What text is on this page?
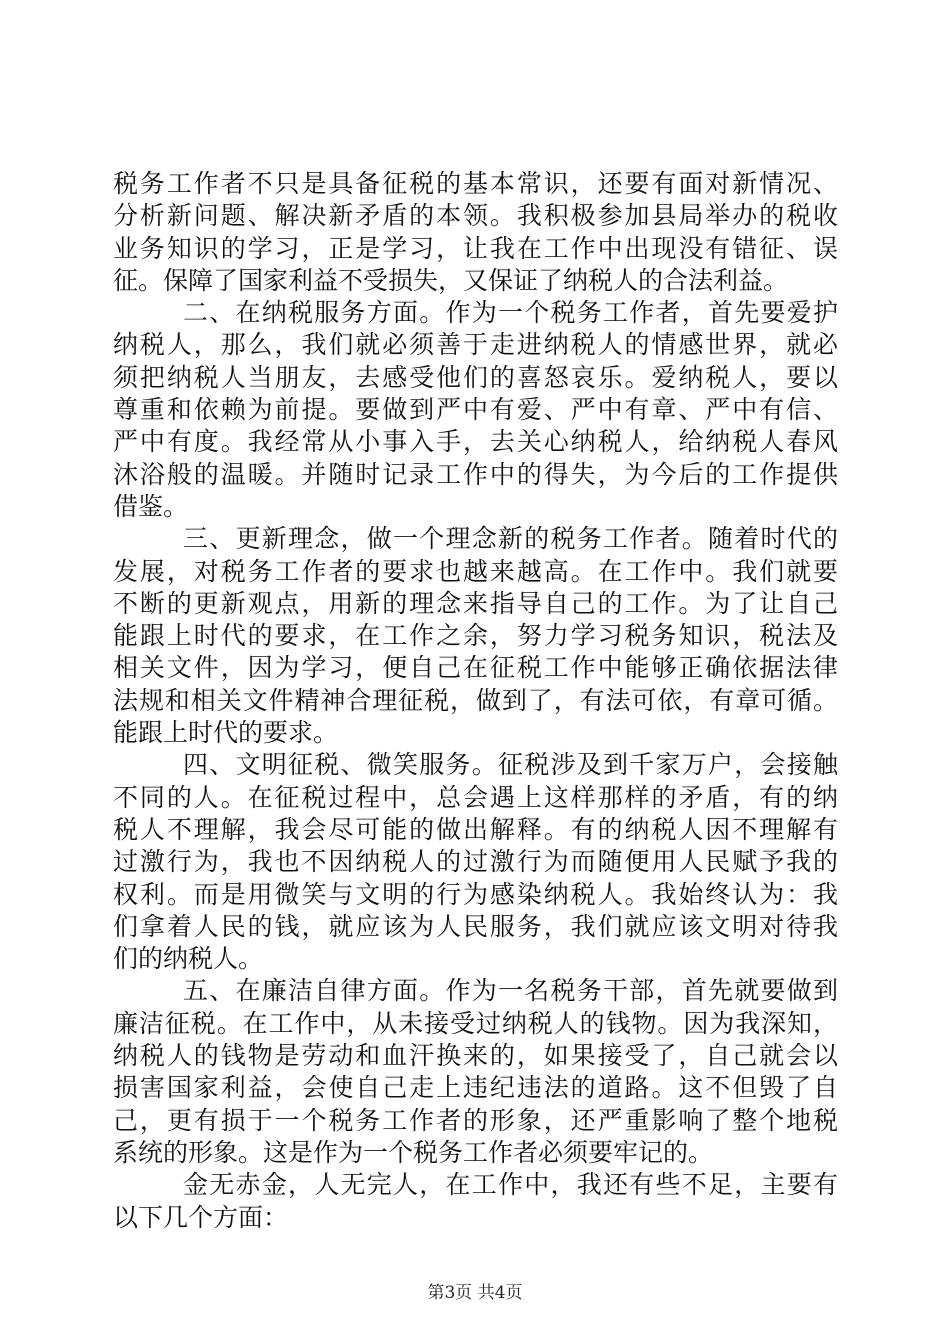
税务工作者不只是具备征税的基本常识，还要有面对新情况、
分析新问题、解决新矛盾的本领。我积极参加县局举办的税收
业务知识的学习，正是学习，让我在工作中出现没有错征、误
征。保障了国家利益不受损失，又保证了纳税人的合法利益。
二、在纳税服务方面。作为一个税务工作者，首先要爱护
纳税人，那么，我们就必须善于走进纳税人的情感世界，就必
须把纳税人当朋友，去感受他们的喜怒哀乐。爱纳税人，要以
尊重和依赖为前提。要做到严中有爱、严中有章、严中有信、
严中有度。我经常从小事入手，去关心纳税人，给纳税人春风
沐浴般的温暖。并随时记录工作中的得失，为今后的工作提供
借鉴。
三、更新理念，做一个理念新的税务工作者。随着时代的
发展，对税务工作者的要求也越来越高。在工作中。我们就要
不断的更新观点，用新的理念来指导自己的工作。为了让自己
能跟上时代的要求，在工作之余，努力学习税务知识，税法及
相关文件，因为学习，便自己在征税工作中能够正确依据法律
法规和相关文件精神合理征税，做到了，有法可依，有章可循。
能跟上时代的要求。
四、文明征税、微笑服务。征税涉及到千家万户，会接触
不同的人。在征税过程中，总会遇上这样那样的矛盾，有的纳
税人不理解，我会尽可能的做出解释。有的纳税人因不理解有
过激行为，我也不因纳税人的过激行为而随便用人民赋予我的
权利。而是用微笑与文明的行为感染纳税人。我始终认为：我
们拿着人民的钱，就应该为人民服务，我们就应该文明对待我
们的纳税人。
五、在廉洁自律方面。作为一名税务干部，首先就要做到
廉洁征税。在工作中，从未接受过纳税人的钱物。因为我深知，
纳税人的钱物是劳动和血汗换来的，如果接受了，自己就会以
损害国家利益，会使自己走上违纪违法的道路。这不但毁了自
己，更有损于一个税务工作者的形象，还严重影响了整个地税
系统的形象。这是作为一个税务工作者必须要牢记的。
金无赤金，人无完人，在工作中，我还有些不足，主要有
以下几个方面：
第3页 共4页
